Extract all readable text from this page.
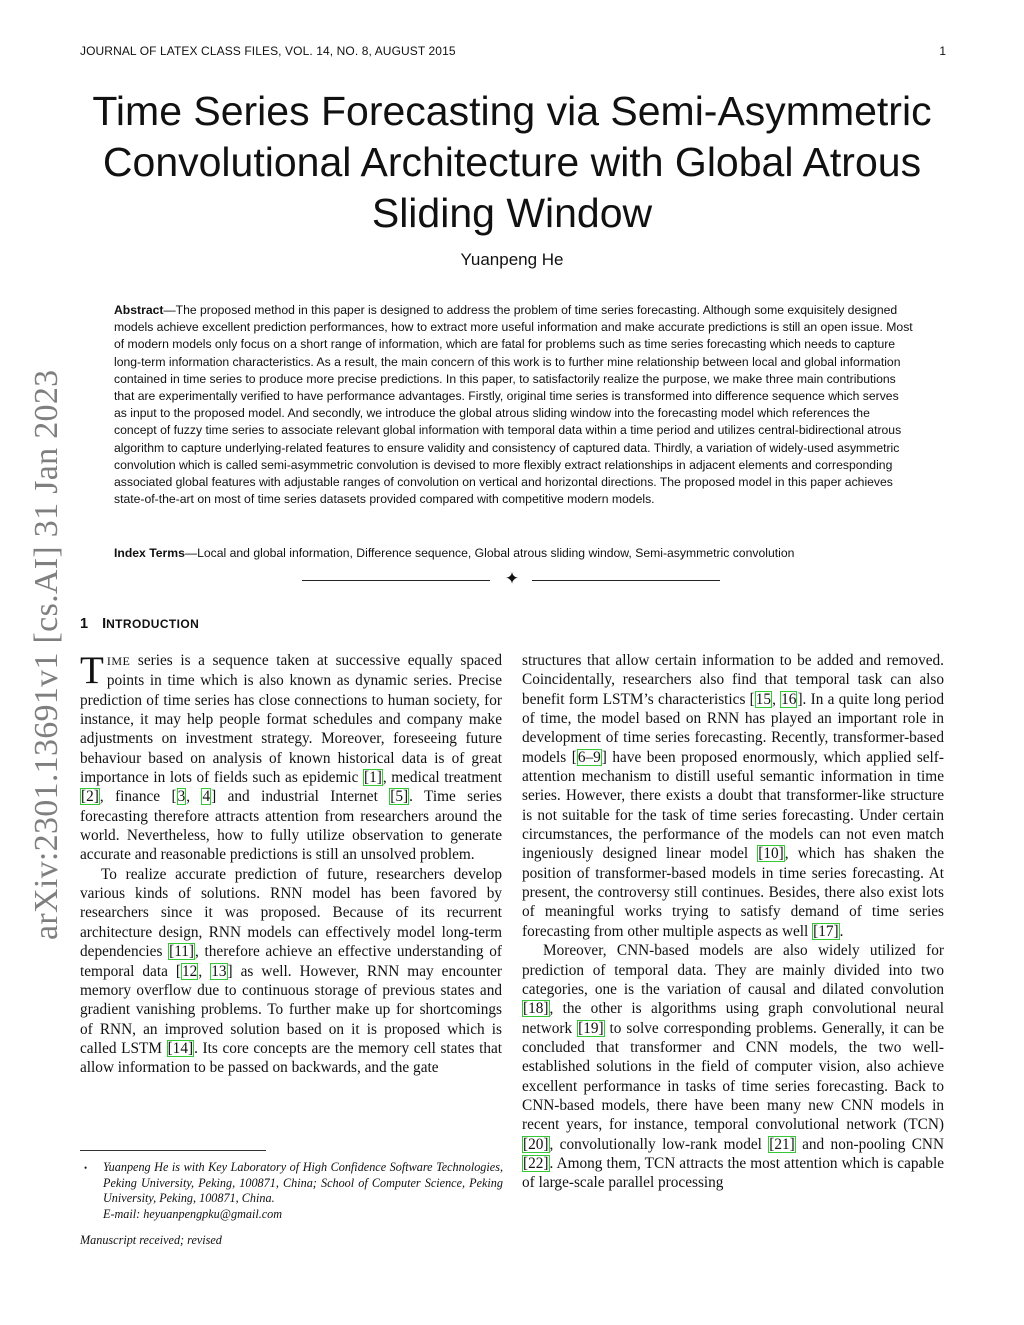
JOURNAL OF LATEX CLASS FILES, VOL. 14, NO. 8, AUGUST 2015	1
Time Series Forecasting via Semi-Asymmetric Convolutional Architecture with Global Atrous Sliding Window
Yuanpeng He

Abstract—The proposed method in this paper is designed to address the problem of time series forecasting. Although some exquisitely designed models achieve excellent prediction performances, how to extract more useful information and make accurate predictions is still an open issue. Most of modern models only focus on a short range of information, which are fatal for problems such as time series forecasting which needs to capture long-term information characteristics. As a result, the main concern of this work is to further mine relationship between local and global information contained in time series to produce more precise predictions. In this paper, to satisfactorily realize the purpose, we make three main contributions that are experimentally verified to have performance advantages. Firstly, original time series is transformed into difference sequence which serves as input to the proposed model. And secondly, we introduce the global atrous sliding window into the forecasting model which references the concept of fuzzy time series to associate relevant global information with temporal data within a time period and utilizes central-bidirectional atrous algorithm to capture underlying-related features to ensure validity and consistency of captured data. Thirdly, a variation of widely-used asymmetric convolution which is called semi-asymmetric convolution is devised to more flexibly extract relationships in adjacent elements and corresponding associated global features with adjustable ranges of convolution on vertical and horizontal directions. The proposed model in this paper achieves state-of-the-art on most of time series datasets provided compared with competitive modern models.

Index Terms—Local and global information, Difference sequence, Global atrous sliding window, Semi-asymmetric convolution

✦
arXiv:2301.13691v1 [cs.AI] 31 Jan 2023 1 INTRODUCTION

TIME series is a sequence taken at successive equally spaced points in time which is also known as dynamic series. Precise prediction of time series has close connections to human society, for instance, it may help people format schedules and company make adjustments on investment strategy. Moreover, foreseeing future behaviour based on analysis of known historical data is of great importance in lots of fields such as epidemic [1], medical treatment [2], finance [3, 4] and industrial Internet [5]. Time series forecasting therefore attracts attention from researchers around the world. Nevertheless, how to fully utilize observation to generate accurate and reasonable predictions is still an unsolved problem.

To realize accurate prediction of future, researchers develop various kinds of solutions. RNN model has been favored by researchers since it was proposed. Because of its recurrent architecture design, RNN models can effectively model long-term dependencies [11], therefore achieve an effective understanding of temporal data [12, 13] as well. However, RNN may encounter memory overflow due to continuous storage of previous states and gradient vanishing problems. To further make up for shortcomings of RNN, an improved solution based on it is proposed which is called LSTM [14]. Its core concepts are the memory cell states that allow information to be passed on backwards, and the gate

structures that allow certain information to be added and removed. Coincidentally, researchers also find that temporal task can also benefit form LSTM’s characteristics [15, 16]. In a quite long period of time, the model based on RNN has played an important role in development of time series forecasting. Recently, transformer-based models [6–9] have been proposed enormously, which applied self-attention mechanism to distill useful semantic information in time series. However, there exists a doubt that transformer-like structure is not suitable for the task of time series forecasting. Under certain circumstances, the performance of the models can not even match ingeniously designed linear model [10], which has shaken the position of transformer-based models in time series forecasting. At present, the controversy still continues. Besides, there also exist lots of meaningful works trying to satisfy demand of time series forecasting from other multiple aspects as well [17].

Moreover, CNN-based models are also widely utilized for prediction of temporal data. They are mainly divided into two categories, one is the variation of causal and dilated convolution [18], the other is algorithms using graph convolutional neural network [19] to solve corresponding problems. Generally, it can be concluded that transformer and CNN models, the two well-established solutions in the field of computer vision, also achieve excellent performance in tasks of time series forecasting. Back to CNN-based models, there have been many new CNN models in recent years, for instance, temporal convolutional network (TCN) [20], convolutionally low-rank model [21] and non-pooling CNN [22]. Among them, TCN attracts the most attention which is capable of large-scale parallel processing

• Yuanpeng He is with Key Laboratory of High Confidence Software Technologies, Peking University, Peking, 100871, China; School of Computer Science, Peking University, Peking, 100871, China.
E-mail: heyuanpengpku@gmail.com

Manuscript received; revised
